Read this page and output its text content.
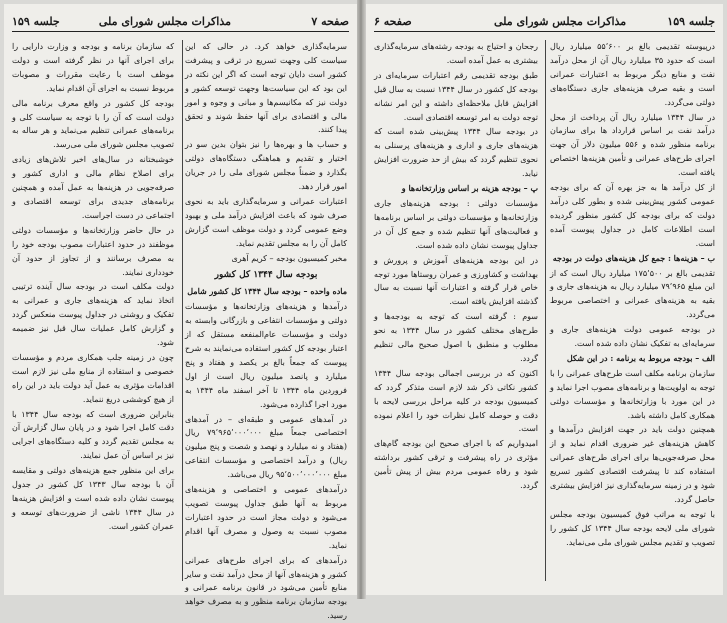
صفحه ۷
مذاکرات مجلس شورای ملی
جلسه ۱۵۹

سرمایه‌گذاری خواهد کرد. در حالی که این سیاست کلی وجهت تسریع در ترقی و پیشرفت کشور است دایان توجه است که اگر این نکته در این بود که این سیاست‌ها وجهت توسعه کشور و دولت نیز که مکانیسم‌ها و مبانی و وجوه و امور مالی و اقتصادی برای آنها حفظ شوند و تحقق پیدا کنند.

و حساب ها و بهره‌ها را نیز بتوان بدین سو در اختیار و تقدیم و هماهنگی دستگاه‌های دولتی بگذارد و ضمناً مجلس شورای ملی را در جریان امور قرار دهد.

اعتبارات عمرانی و سرمایه‌گذاری باید به نحوی صرف شود که باعث افزایش درآمد ملی و بهبود وضع عمومی گردد و دولت موظف است گزارش کامل آن را به مجلس تقدیم نماید.

مخبر کمیسیون بودجه – کریم آهری

بودجه سال ۱۳۴۴ کل کشور

ماده واحده – بودجه سال ۱۳۴۴ کل کشور شامل

درآمدها و هزینه‌های وزارتخانه‌ها و مؤسسات دولتی و مؤسسات انتفاعی و بازرگانی وابسته به دولت و مؤسسات عام‌المنفعه مستقل که از اعتبار بودجه کل کشور استفاده می‌نمایند به شرح پیوست که جمعاً بالغ بر یکصد و هفتاد و پنج میلیارد و پانصد میلیون ریال است از اول فروردین ماه ۱۳۴۴ تا آخر اسفند ماه ۱۳۴۴ به مورد اجرا گذارده می‌شود.

در آمدهای عمومی و طبقه‌ای – در آمدهای اختصاصی جمعاً مبلغ ۷۹٬۹۶۵٬۰۰۰٬۰۰۰ ریال (هفتاد و نه میلیارد و نهصد و شصت و پنج میلیون ریال) و درآمد اختصاصی و مؤسسات انتفاعی مبلغ ۹۵٬۵۰۰٬۰۰۰٬۰۰۰ ریال می‌باشد.

درآمدهای عمومی و اختصاصی و هزینه‌های مربوط به آنها طبق جداول پیوست تصویب می‌شود و دولت مجاز است در حدود اعتبارات مصوب نسبت به وصول و مصرف آنها اقدام نماید.

درآمدهای که برای اجرای طرح‌های عمرانی کشور و هزینه‌های آنها از محل درآمد نفت و سایر منابع تأمین می‌شود در قانون برنامه عمرانی و بودجه سازمان برنامه منظور و به مصرف خواهد رسید.

که سازمان برنامه و بودجه و وزارت دارایی را برای اجرای آنها در نظر گرفته است و دولت موظف است با رعایت مقررات و مصوبات مربوط نسبت به اجرای آن اقدام نماید.

بودجه کل کشور در واقع معرف برنامه مالی دولت است که آن را با توجه به سیاست کلی و برنامه‌های عمرانی تنظیم می‌نماید و هر ساله به تصویب مجلس شورای ملی می‌رسد.

خوشبختانه در سال‌های اخیر تلاش‌های زیادی برای اصلاح نظام مالی و اداری کشور و صرفه‌جویی در هزینه‌ها به عمل آمده و همچنین برنامه‌های جدیدی برای توسعه اقتصادی و اجتماعی در دست اجراست.

در حال حاضر وزارتخانه‌ها و مؤسسات دولتی موظفند در حدود اعتبارات مصوب بودجه خود را به مصرف برسانند و از تجاوز از حدود آن خودداری نمایند.

دولت مکلف است در بودجه سال آینده ترتیبی اتخاذ نماید که هزینه‌های جاری و عمرانی به تفکیک و روشنی در جداول پیوست منعکس گردد و گزارش کامل عملیات سال قبل نیز ضمیمه شود.

چون در زمینه جلب همکاری مردم و مؤسسات خصوصی و استفاده از منابع ملی نیز لازم است اقدامات مؤثری به عمل آید دولت باید در این راه از هیچ کوششی دریغ ننماید.

بنابراین ضروری است که بودجه سال ۱۳۴۴ با دقت کامل اجرا شود و در پایان سال گزارش آن به مجلس تقدیم گردد و کلیه دستگاه‌های اجرایی نیز بر اساس آن عمل نمایند.

برای این منظور جمع هزینه‌های دولتی و مقایسه آن با بودجه سال ۱۳۴۳ کل کشور در جدول پیوست نشان داده شده است و افزایش هزینه‌ها در سال ۱۳۴۴ ناشی از ضرورت‌های توسعه و عمران کشور است.

جلسه ۱۵۹
مذاکرات مجلس شورای ملی
صفحه ۶

درپیوسته تقدیمی بالغ بر ۵۵٬۶۰۰ میلیارد ریال است که حدود ۳۵ میلیارد ریال آن از محل درآمد نفت و منابع دیگر مربوط به اعتبارات عمرانی است و بقیه صرف هزینه‌های جاری دستگاه‌های دولتی می‌گردد.

در سال ۱۳۴۴ میلیارد ریال آن پرداخت از محل درآمد نفت بر اساس قرارداد ها برای سازمان برنامه منظور شده و ۵۵۶ میلیون دلار آن جهت اجرای طرح‌های عمرانی و تأمین هزینه‌ها اختصاص یافته است.

از کل درآمد ها به جز بهره آن که برای بودجه عمومی کشور پیش‌بینی شده و بطور کلی درآمد دولت که برای بودجه کل کشور منظور گردیده است اطلاعات کامل در جداول پیوست آمده است.

ب – هزینه‌ها : جمع کل هزینه‌های دولت در بودجه

تقدیمی بالغ بر ۱۷۵٬۵۰۰ میلیارد ریال است که از این مبلغ ۷۹٬۹۶۵ میلیارد ریال به هزینه‌های جاری و بقیه به هزینه‌های عمرانی و اختصاصی مربوط می‌گردد.

در بودجه عمومی دولت هزینه‌های جاری و سرمایه‌ای به تفکیک نشان داده شده است.

الف – بودجه مربوط به برنامه : در این شکل

سازمان برنامه مکلف است طرح‌های عمرانی را با توجه به اولویت‌ها و برنامه‌های مصوب اجرا نماید و در این مورد با وزارتخانه‌ها و مؤسسات دولتی همکاری کامل داشته باشد.

همچنین دولت باید در جهت افزایش درآمدها و کاهش هزینه‌های غیر ضروری اقدام نماید و از محل صرفه‌جویی‌ها برای اجرای طرح‌های عمرانی استفاده کند تا پیشرفت اقتصادی کشور تسریع شود و در زمینه سرمایه‌گذاری نیز افزایش بیشتری حاصل گردد.

با توجه به مراتب فوق کمیسیون بودجه مجلس شورای ملی لایحه بودجه سال ۱۳۴۴ کل کشور را تصویب و تقدیم مجلس شورای ملی می‌نماید.

رجحان و احتیاج به بودجه رشته‌های سرمایه‌گذاری بیشتری به عمل آمده است.

طبق بودجه تقدیمی رقم اعتبارات سرمایه‌ای در بودجه کل کشور در سال ۱۳۴۴ نسبت به سال قبل افزایش قابل ملاحظه‌ای داشته و این امر نشانه توجه دولت به امر توسعه اقتصادی است.

در بودجه سال ۱۳۴۴ پیش‌بینی شده است که هزینه‌های جاری و اداری و هزینه‌های پرسنلی به نحوی تنظیم گردد که بیش از حد ضرورت افزایش نیابد.

پ – بودجه هزینه بر اساس وزارتخانه‌ها و

مؤسسات دولتی : بودجه هزینه‌های جاری وزارتخانه‌ها و مؤسسات دولتی بر اساس برنامه‌ها و فعالیت‌های آنها تنظیم شده و جمع کل آن در جداول پیوست نشان داده شده است.

در این بودجه هزینه‌های آموزش و پرورش و بهداشت و کشاورزی و عمران روستاها مورد توجه خاص قرار گرفته و اعتبارات آنها نسبت به سال گذشته افزایش یافته است.

سوم : گرفته است که توجه به بودجه‌ها و طرح‌های مختلف کشور در سال ۱۳۴۴ به نحو مطلوب و منطبق با اصول صحیح مالی تنظیم گردد.

اکنون که در بررسی اجمالی بودجه سال ۱۳۴۴ کشور نکاتی ذکر شد لازم است متذکر گردد که کمیسیون بودجه در کلیه مراحل بررسی لایحه با دقت و حوصله کامل نظرات خود را اعلام نموده است.

امیدواریم که با اجرای صحیح این بودجه گام‌های مؤثری در راه پیشرفت و ترقی کشور برداشته شود و رفاه عمومی مردم بیش از پیش تأمین گردد.
